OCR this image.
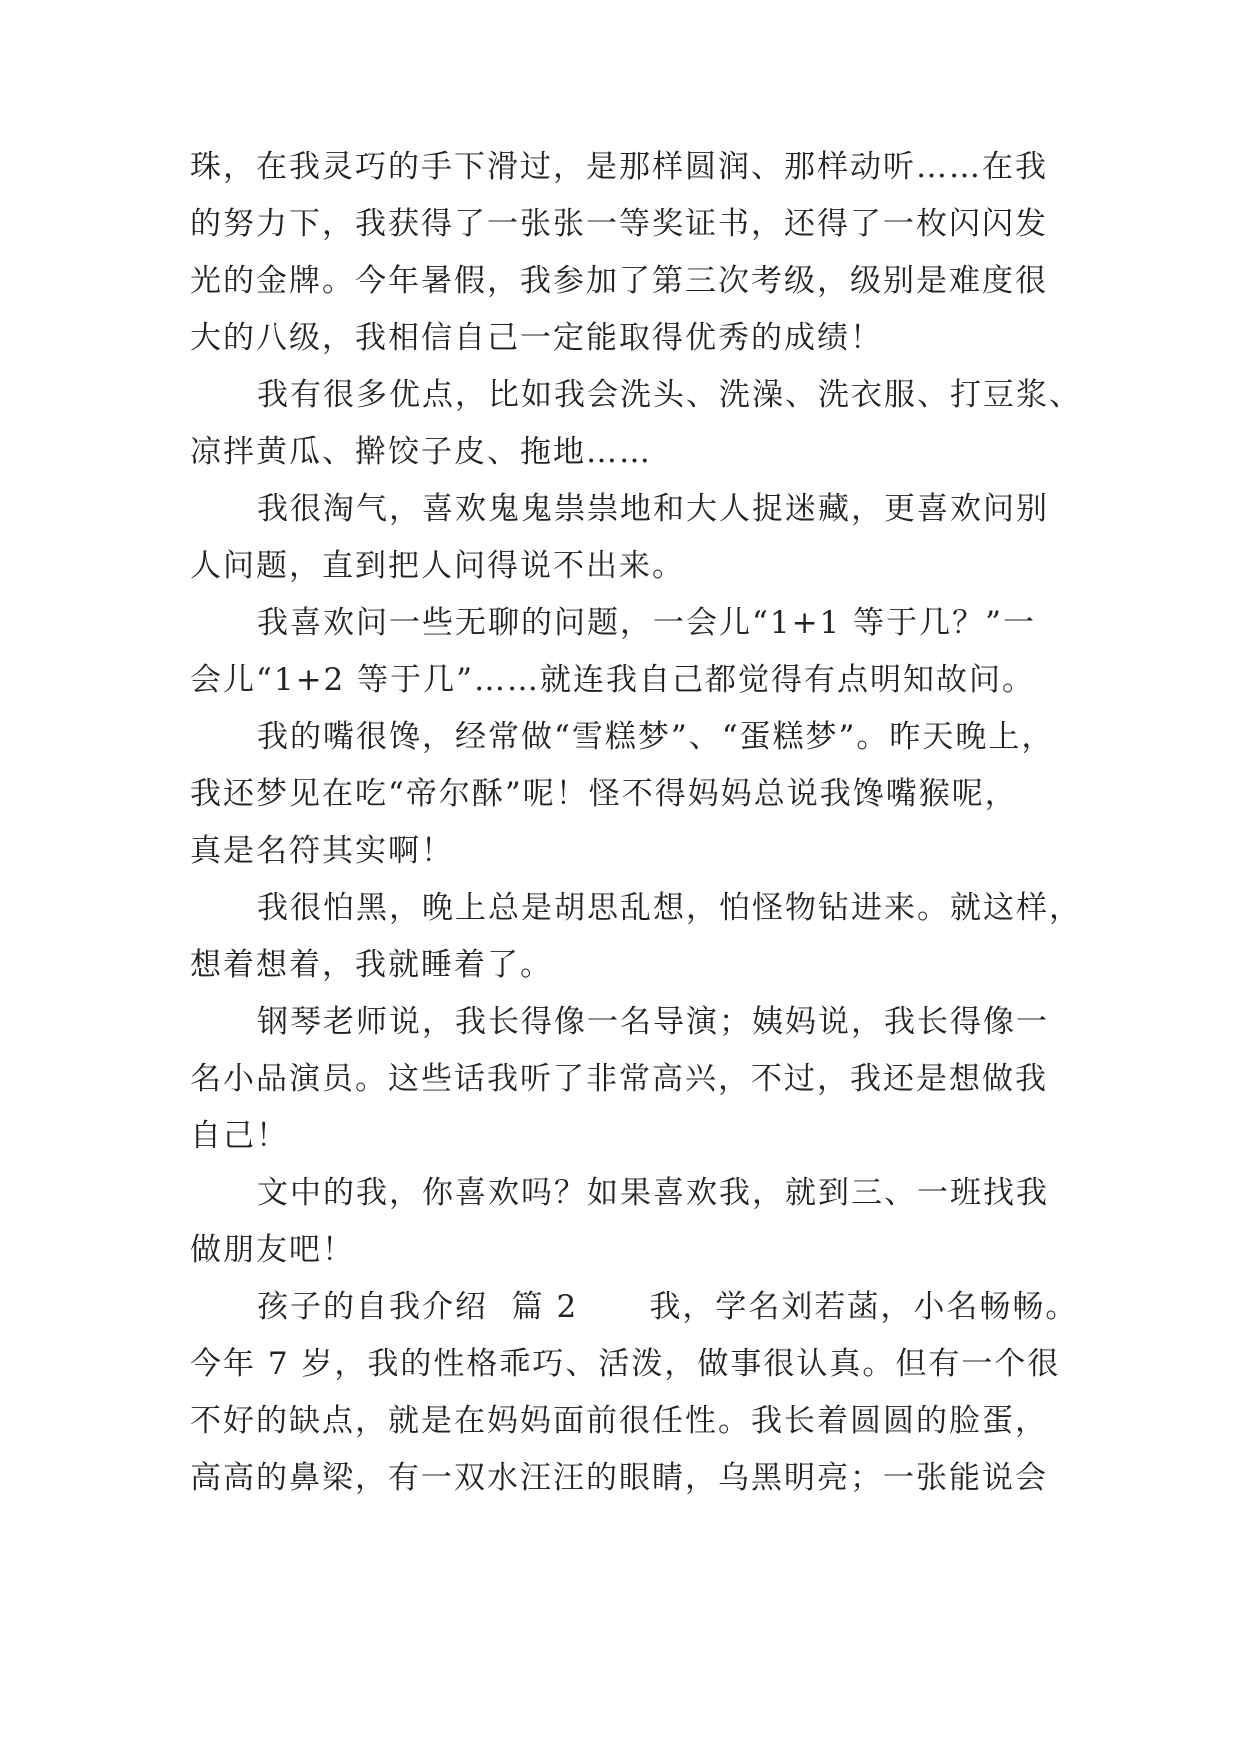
珠，在我灵巧的手下滑过，是那样圆润、那样动听……在我
的努力下，我获得了一张张一等奖证书，还得了一枚闪闪发
光的金牌。今年暑假，我参加了第三次考级，级别是难度很
大的八级，我相信自己一定能取得优秀的成绩！
我有很多优点，比如我会洗头、洗澡、洗衣服、打豆浆、
凉拌黄瓜、擀饺子皮、拖地……
我很淘气，喜欢鬼鬼祟祟地和大人捉迷藏，更喜欢问别
人问题，直到把人问得说不出来。
我喜欢问一些无聊的问题，一会儿“1+1 等于几？”一
会儿“1+2 等于几”……就连我自己都觉得有点明知故问。
我的嘴很馋，经常做“雪糕梦”、“蛋糕梦”。昨天晚上，
我还梦见在吃“帝尔酥”呢！怪不得妈妈总说我馋嘴猴呢，
真是名符其实啊！
我很怕黑，晚上总是胡思乱想，怕怪物钻进来。就这样，
想着想着，我就睡着了。
钢琴老师说，我长得像一名导演；姨妈说，我长得像一
名小品演员。这些话我听了非常高兴，不过，我还是想做我
自己！
文中的我，你喜欢吗？如果喜欢我，就到三、一班找我
做朋友吧！
孩子的自我介绍  篇 2      我，学名刘若菡，小名畅畅。
今年 7 岁，我的性格乖巧、活泼，做事很认真。但有一个很
不好的缺点，就是在妈妈面前很任性。我长着圆圆的脸蛋，
高高的鼻梁，有一双水汪汪的眼睛，乌黑明亮；一张能说会
